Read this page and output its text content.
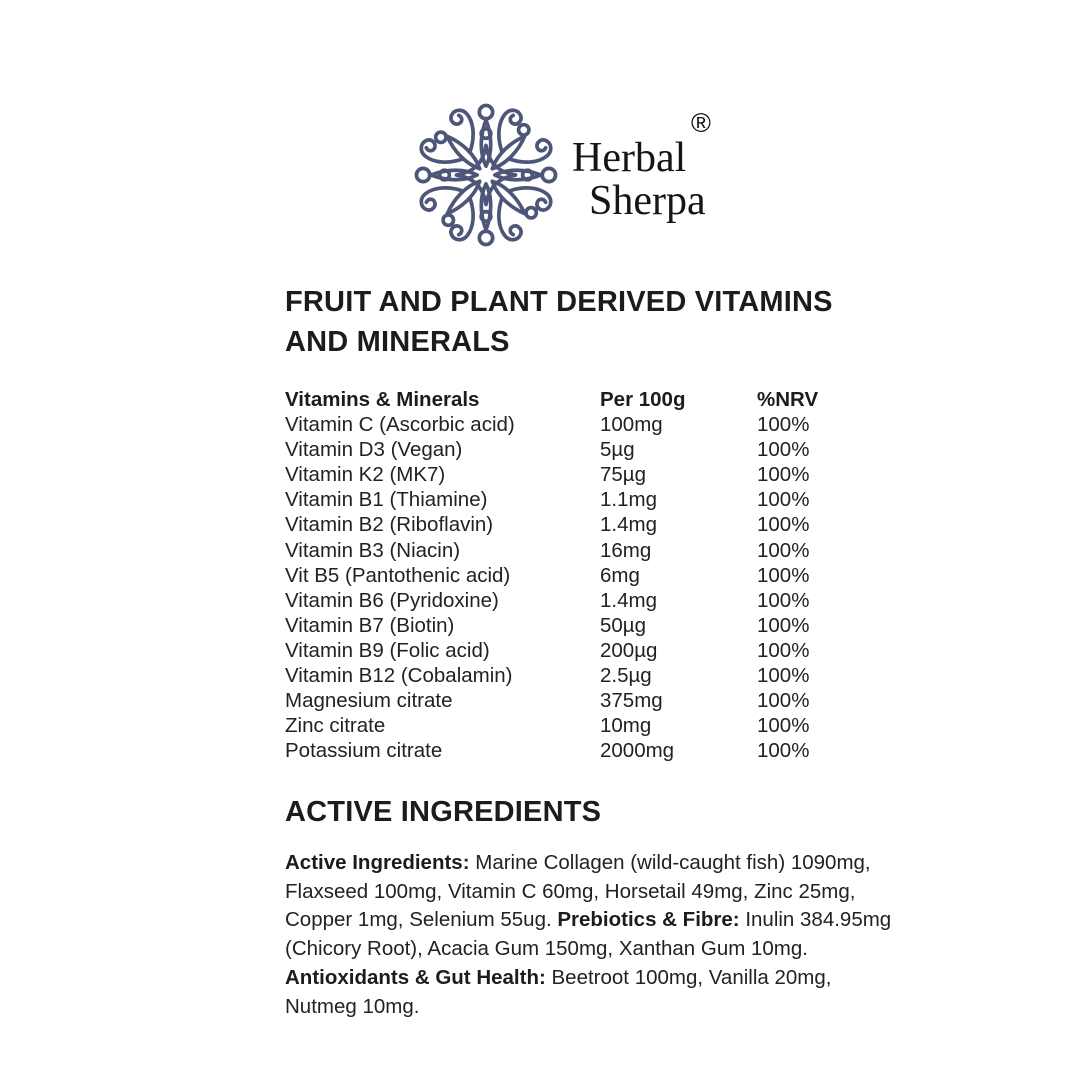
Herbal
Sherpa
®
FRUIT AND PLANT DERIVED VITAMINS
AND MINERALS
Vitamins & Minerals	Per 100g	%NRV
Vitamin C (Ascorbic acid)	100mg	100%
Vitamin D3 (Vegan)	5µg	100%
Vitamin K2 (MK7)	75µg	100%
Vitamin B1 (Thiamine)	1.1mg	100%
Vitamin B2 (Riboflavin)	1.4mg	100%
Vitamin B3 (Niacin)	16mg	100%
Vit B5 (Pantothenic acid)	6mg	100%
Vitamin B6 (Pyridoxine)	1.4mg	100%
Vitamin B7 (Biotin)	50µg	100%
Vitamin B9 (Folic acid)	200µg	100%
Vitamin B12 (Cobalamin)	2.5µg	100%
Magnesium citrate	375mg	100%
Zinc citrate	10mg	100%
Potassium citrate	2000mg	100%
ACTIVE INGREDIENTS
Active Ingredients: Marine Collagen (wild-caught fish) 1090mg,
Flaxseed 100mg, Vitamin C 60mg, Horsetail 49mg, Zinc 25mg,
Copper 1mg, Selenium 55ug. Prebiotics & Fibre: Inulin 384.95mg
(Chicory Root), Acacia Gum 150mg, Xanthan Gum 10mg.
Antioxidants & Gut Health: Beetroot 100mg, Vanilla 20mg,
Nutmeg 10mg.
